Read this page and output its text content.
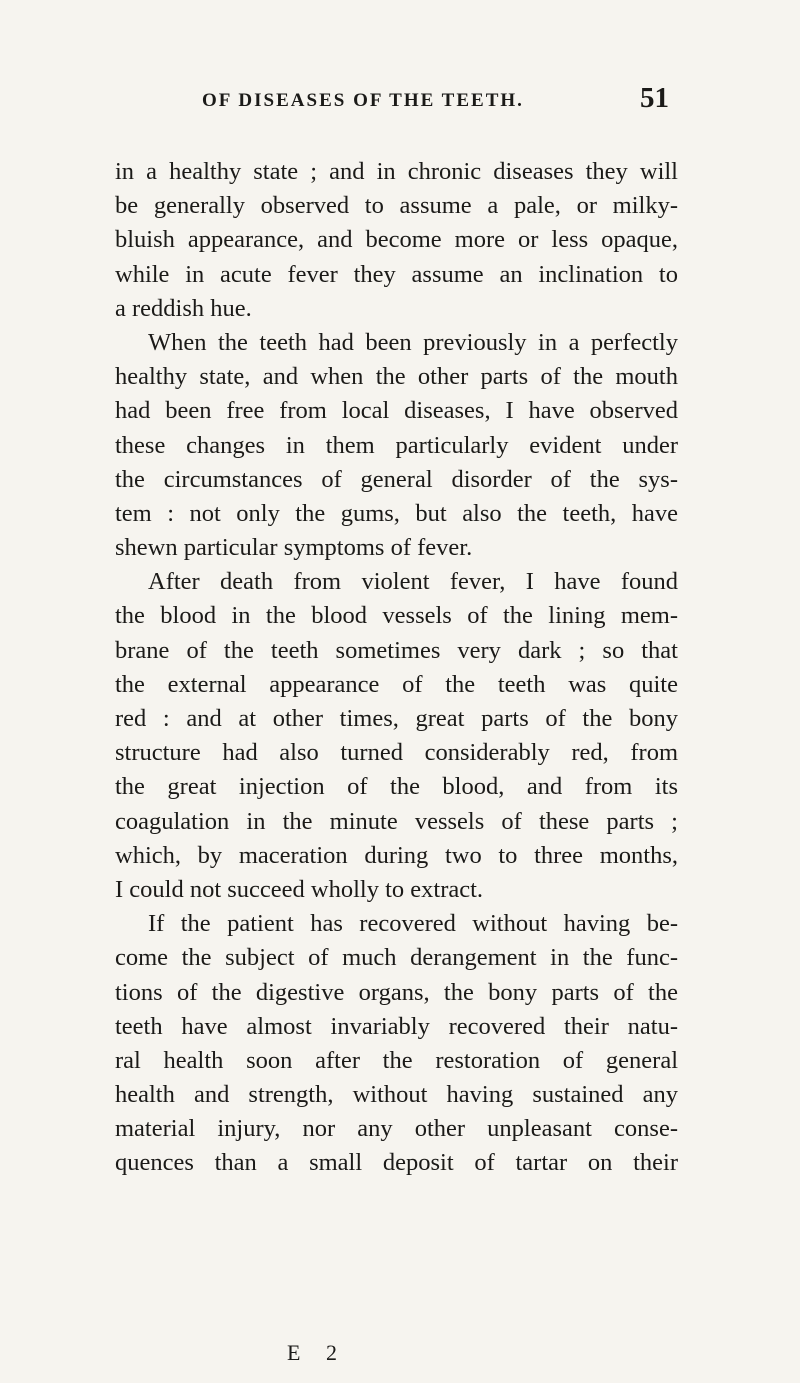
OF DISEASES OF THE TEETH.	51
in a healthy state ; and in chronic diseases they will
be generally observed to assume a pale, or milky-
bluish appearance, and become more or less opaque,
while in acute fever they assume an inclination to
a reddish hue.
When the teeth had been previously in a perfectly
healthy state, and when the other parts of the mouth
had been free from local diseases, I have observed
these changes in them particularly evident under
the circumstances of general disorder of the sys-
tem : not only the gums, but also the teeth, have
shewn particular symptoms of fever.
After death from violent fever, I have found
the blood in the blood vessels of the lining mem-
brane of the teeth sometimes very dark ; so that
the external appearance of the teeth was quite
red : and at other times, great parts of the bony
structure had also turned considerably red, from
the great injection of the blood, and from its
coagulation in the minute vessels of these parts ;
which, by maceration during two to three months,
I could not succeed wholly to extract.
If the patient has recovered without having be-
come the subject of much derangement in the func-
tions of the digestive organs, the bony parts of the
teeth have almost invariably recovered their natu-
ral health soon after the restoration of general
health and strength, without having sustained any
material injury, nor any other unpleasant conse-
quences than a small deposit of tartar on their
E 2
